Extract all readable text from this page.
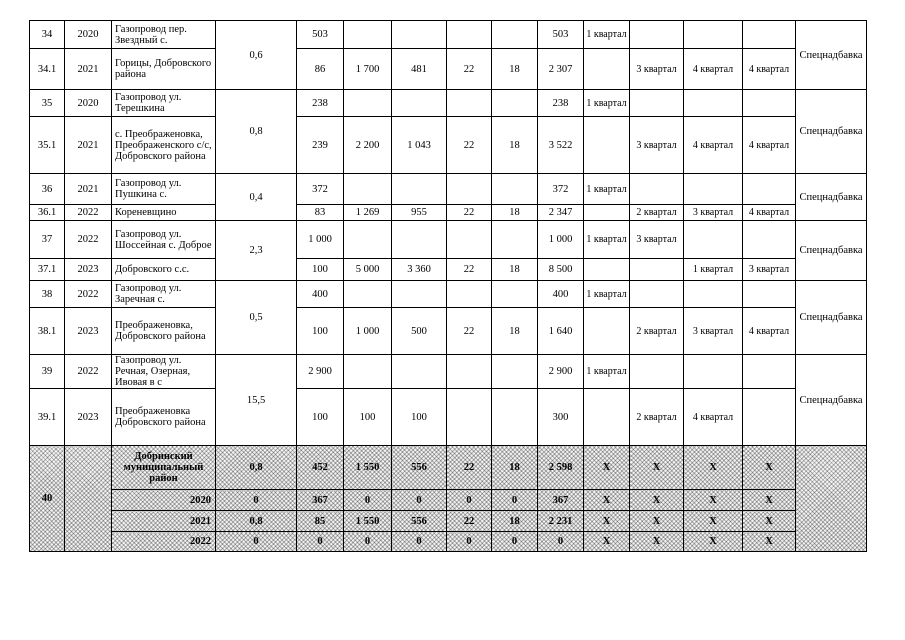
34	2020	Газопровод пер. Звездный с.	0,6	503					503	1 квартал				Спецнадбавка
34.1	2021	Горицы, Добровского района		86	1 700	481	22	18	2 307		3 квартал	4 квартал	4 квартал	
35	2020	Газопровод ул. Терешкина	0,8	238					238	1 квартал				Спецнадбавка
35.1	2021	с. Преображеновка, Преображенского с/с, Добровского района		239	2 200	1 043	22	18	3 522		3 квартал	4 квартал	4 квартал	
36	2021	Газопровод ул. Пушкина с.	0,4	372					372	1 квартал				Спецнадбавка
36.1	2022	Кореневщино		83	1 269	955	22	18	2 347		2 квартал	3 квартал	4 квартал	
37	2022	Газопровод ул. Шоссейная с. Доброе	2,3	1 000					1 000	1 квартал	3 квартал			Спецнадбавка
37.1	2023	Добровского с.с.		100	5 000	3 360	22	18	8 500			1 квартал	3 квартал	
38	2022	Газопровод ул. Заречная с.	0,5	400					400	1 квартал				Спецнадбавка
38.1	2023	Преображеновка, Добровского района		100	1 000	500	22	18	1 640		2 квартал	3 квартал	4 квартал	
39	2022	Газопровод ул. Речная, Озерная, Ивовая в с	15,5	2 900					2 900	1 квартал				Спецнадбавка
39.1	2023	Преображеновка Добровского района		100	100	100			300		2 квартал	4 квартал		
40		Добринский муниципальный район	0,8	452	1 550	556	22	18	2 598	X	X	X	X	
		2020	0	367	0	0	0	0	367	X	X	X	X	
		2021	0,8	85	1 550	556	22	18	2 231	X	X	X	X	
		2022	0	0	0	0	0	0	0	X	X	X	X	
